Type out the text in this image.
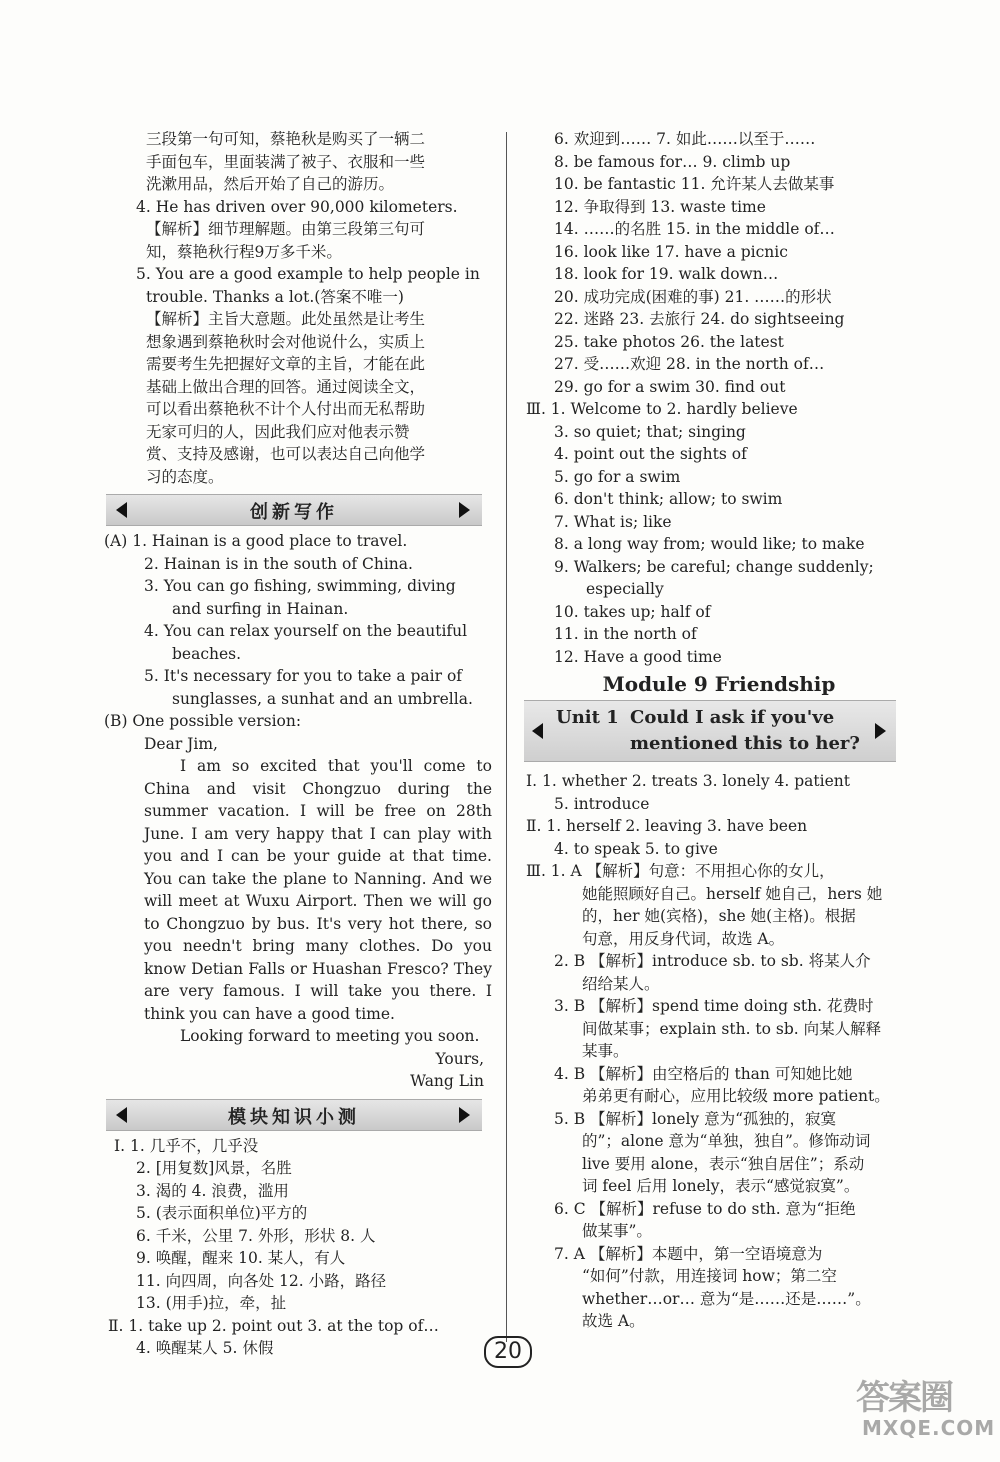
三段第一句可知，蔡艳秋是购买了一辆二
手面包车，里面装满了被子、衣服和一些
洗漱用品，然后开始了自己的游历。
4. He has driven over 90,000 kilometers.
【解析】细节理解题。由第三段第三句可
知，蔡艳秋行程9万多千米。
5. You are a good example to help people in
trouble. Thanks a lot.(答案不唯一)
【解析】主旨大意题。此处虽然是让考生
想象遇到蔡艳秋时会对他说什么，实质上
需要考生先把握好文章的主旨，才能在此
基础上做出合理的回答。通过阅读全文，
可以看出蔡艳秋不计个人付出而无私帮助
无家可归的人，因此我们应对他表示赞
赏、支持及感谢，也可以表达自己向他学
习的态度。
创新写作
(A) 1. Hainan is a good place to travel.
2. Hainan is in the south of China.
3. You can go fishing, swimming, diving
and surfing in Hainan.
4. You can relax yourself on the beautiful
beaches.
5. It's necessary for you to take a pair of
sunglasses, a sunhat and an umbrella.
(B) One possible version:
Dear Jim,
I am so excited that you'll come to China and visit Chongzuo during the summer vacation. I will be free on 28th June. I am very happy that I can play with you and I can be your guide at that time. You can take the plane to Nanning. And we will meet at Wuxu Airport. Then we will go to Chongzuo by bus. It's very hot there, so you needn't bring many clothes. Do you know Detian Falls or Huashan Fresco? They are very famous. I will take you there. I think you can have a good time.
Looking forward to meeting you soon.
Yours,
Wang Lin
模块知识小测
Ⅰ. 1. 几乎不，几乎没
2. [用复数]风景，名胜
3. 渴的 4. 浪费，滥用
5. (表示面积单位)平方的
6. 千米，公里 7. 外形，形状 8. 人
9. 唤醒，醒来 10. 某人，有人
11. 向四周，向各处 12. 小路，路径
13. (用手)拉，牵，扯
Ⅱ. 1. take up 2. point out 3. at the top of…
4. 唤醒某人 5. 休假
6. 欢迎到…… 7. 如此……以至于……
8. be famous for… 9. climb up
10. be fantastic 11. 允许某人去做某事
12. 争取得到 13. waste time
14. ……的名胜 15. in the middle of…
16. look like 17. have a picnic
18. look for 19. walk down…
20. 成功完成(困难的事) 21. ……的形状
22. 迷路 23. 去旅行 24. do sightseeing
25. take photos 26. the latest
27. 受……欢迎 28. in the north of…
29. go for a swim 30. find out
Ⅲ. 1. Welcome to 2. hardly believe
3. so quiet; that; singing
4. point out the sights of
5. go for a swim
6. don't think; allow; to swim
7. What is; like
8. a long way from; would like; to make
9. Walkers; be careful; change suddenly;
especially
10. takes up; half of
11. in the north of
12. Have a good time
Module 9 Friendship
Unit 1 Could I ask if you've
mentioned this to her?
Ⅰ. 1. whether 2. treats 3. lonely 4. patient
5. introduce
Ⅱ. 1. herself 2. leaving 3. have been
4. to speak 5. to give
Ⅲ. 1. A 【解析】句意：不用担心你的女儿，
她能照顾好自己。herself 她自己，hers 她
的，her 她(宾格)，she 她(主格)。根据
句意，用反身代词，故选 A。
2. B 【解析】introduce sb. to sb. 将某人介
绍给某人。
3. B 【解析】spend time doing sth. 花费时
间做某事；explain sth. to sb. 向某人解释
某事。
4. B 【解析】由空格后的 than 可知她比她
弟弟更有耐心，应用比较级 more patient。
5. B 【解析】lonely 意为“孤独的，寂寞
的”；alone 意为“单独，独自”。修饰动词
live 要用 alone，表示“独自居住”；系动
词 feel 后用 lonely，表示“感觉寂寞”。
6. C 【解析】refuse to do sth. 意为“拒绝
做某事”。
7. A 【解析】本题中，第一空语境意为
“如何”付款，用连接词 how；第二空
whether…or… 意为“是……还是……”。
故选 A。
20
答案圈
MXQE.COM
